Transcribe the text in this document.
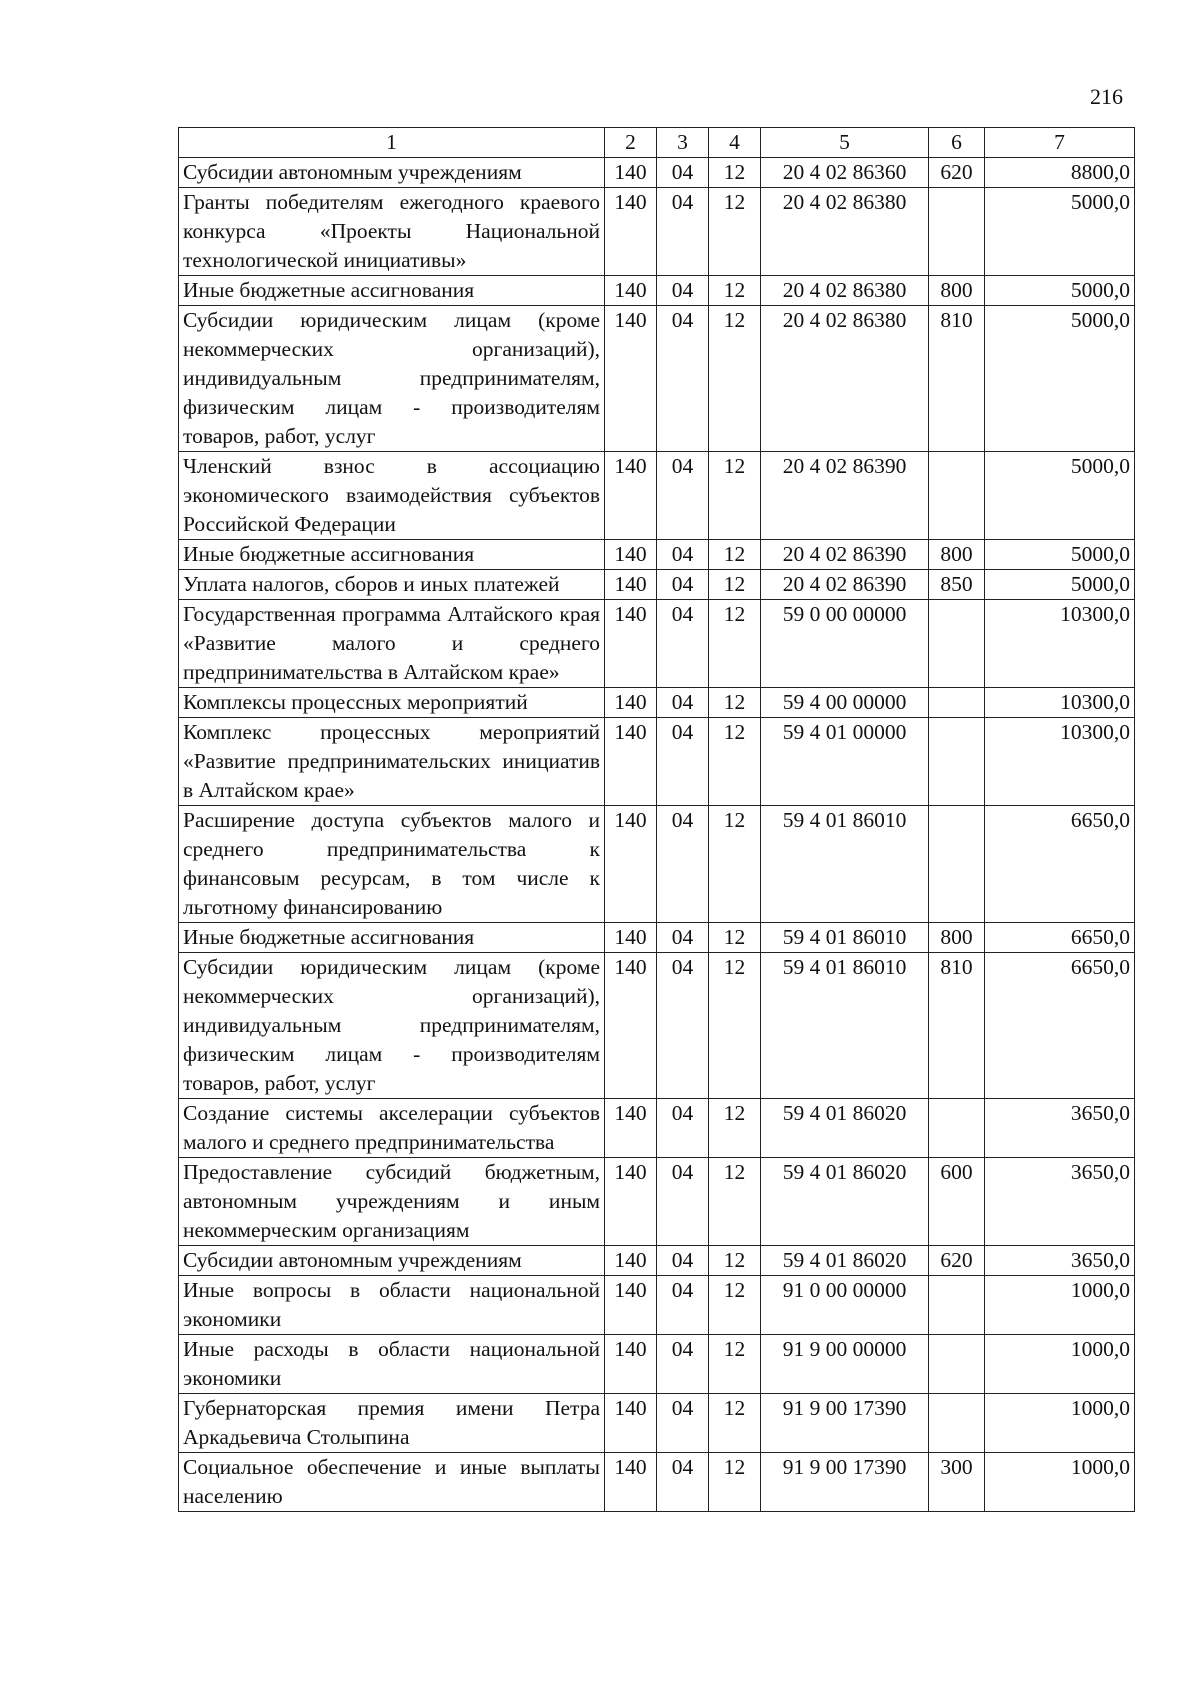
216
1	2	3	4	5	6	7
Субсидии автономным учреждениям	140	04	12	20 4 02 86360	620	8800,0
Гранты победителям ежегодного краевого конкурса «Проекты Национальной технологической инициативы»	140	04	12	20 4 02 86380		5000,0
Иные бюджетные ассигнования	140	04	12	20 4 02 86380	800	5000,0
Субсидии юридическим лицам (кроме некоммерческих организаций), индивидуальным предпринимателям, физическим лицам - производителям товаров, работ, услуг	140	04	12	20 4 02 86380	810	5000,0
Членский взнос в ассоциацию экономического взаимодействия субъектов Российской Федерации	140	04	12	20 4 02 86390		5000,0
Иные бюджетные ассигнования	140	04	12	20 4 02 86390	800	5000,0
Уплата налогов, сборов и иных платежей	140	04	12	20 4 02 86390	850	5000,0
Государственная программа Алтайского края «Развитие малого и среднего предпринимательства в Алтайском крае»	140	04	12	59 0 00 00000		10300,0
Комплексы процессных мероприятий	140	04	12	59 4 00 00000		10300,0
Комплекс процессных мероприятий «Развитие предпринимательских инициатив в Алтайском крае»	140	04	12	59 4 01 00000		10300,0
Расширение доступа субъектов малого и среднего предпринимательства к финансовым ресурсам, в том числе к льготному финансированию	140	04	12	59 4 01 86010		6650,0
Иные бюджетные ассигнования	140	04	12	59 4 01 86010	800	6650,0
Субсидии юридическим лицам (кроме некоммерческих организаций), индивидуальным предпринимателям, физическим лицам - производителям товаров, работ, услуг	140	04	12	59 4 01 86010	810	6650,0
Создание системы акселерации субъектов малого и среднего предпринимательства	140	04	12	59 4 01 86020		3650,0
Предоставление субсидий бюджетным, автономным учреждениям и иным некоммерческим организациям	140	04	12	59 4 01 86020	600	3650,0
Субсидии автономным учреждениям	140	04	12	59 4 01 86020	620	3650,0
Иные вопросы в области национальной экономики	140	04	12	91 0 00 00000		1000,0
Иные расходы в области национальной экономики	140	04	12	91 9 00 00000		1000,0
Губернаторская премия имени Петра Аркадьевича Столыпина	140	04	12	91 9 00 17390		1000,0
Социальное обеспечение и иные выплаты населению	140	04	12	91 9 00 17390	300	1000,0
